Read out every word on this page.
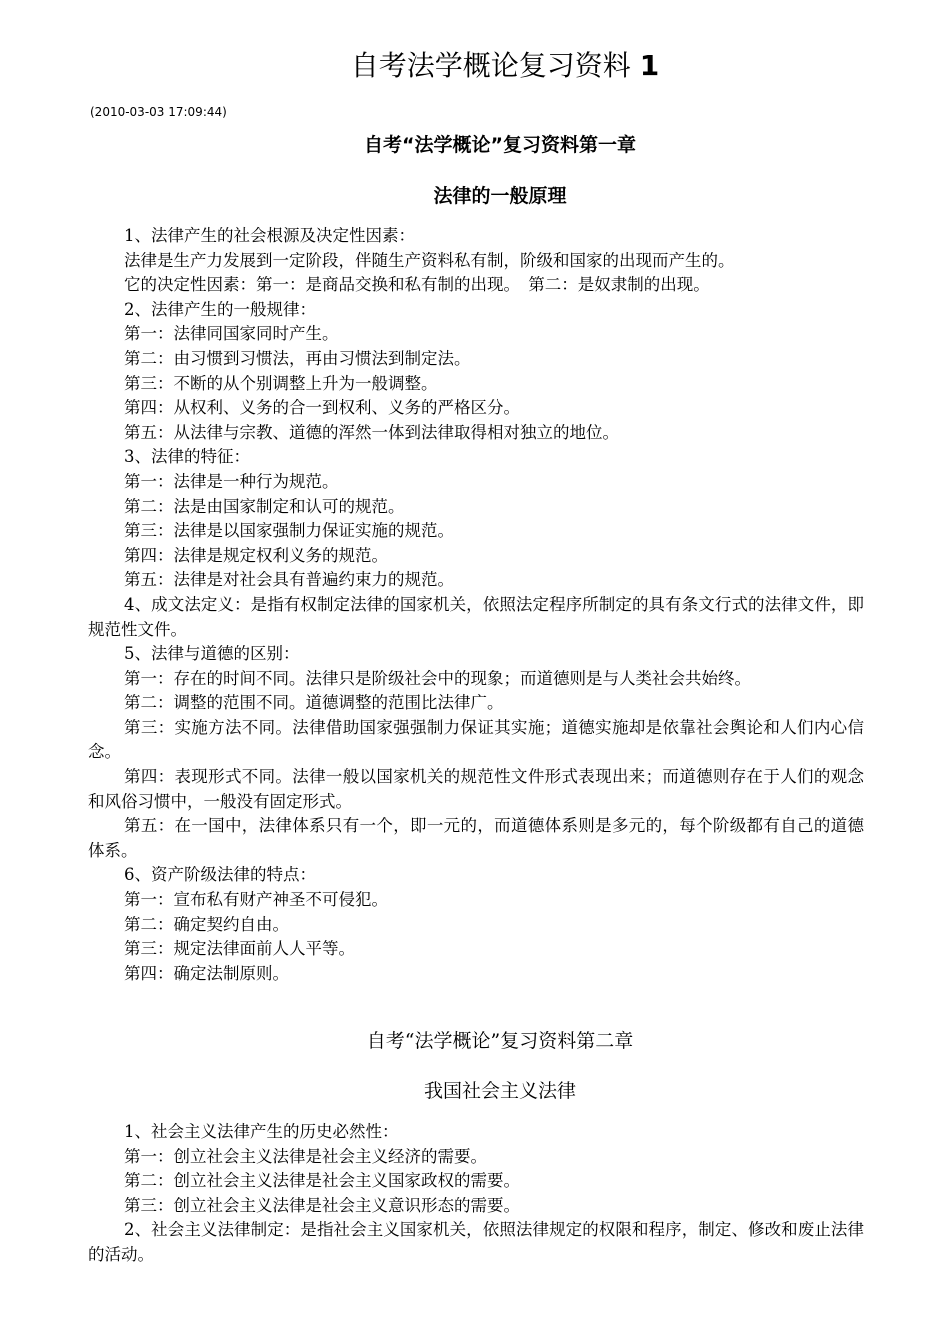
自考法学概论复习资料 1
(2010-03-03 17:09:44)
自考“法学概论”复习资料第一章
法律的一般原理

1、法律产生的社会根源及决定性因素：

法律是生产力发展到一定阶段，伴随生产资料私有制，阶级和国家的出现而产生的。

它的决定性因素：第一：是商品交换和私有制的出现。　第二：是奴隶制的出现。

2、法律产生的一般规律：

第一：法律同国家同时产生。

第二：由习惯到习惯法，再由习惯法到制定法。

第三：不断的从个别调整上升为一般调整。

第四：从权利、义务的合一到权利、义务的严格区分。

第五：从法律与宗教、道德的浑然一体到法律取得相对独立的地位。

3、法律的特征：

第一：法律是一种行为规范。

第二：法是由国家制定和认可的规范。

第三：法律是以国家强制力保证实施的规范。

第四：法律是规定权利义务的规范。

第五：法律是对社会具有普遍约束力的规范。

4、成文法定义：是指有权制定法律的国家机关，依照法定程序所制定的具有条文行式的法律文件，即规范性文件。

5、法律与道德的区别：

第一：存在的时间不同。法律只是阶级社会中的现象；而道德则是与人类社会共始终。

第二：调整的范围不同。道德调整的范围比法律广。

第三：实施方法不同。法律借助国家强强制力保证其实施；道德实施却是依靠社会舆论和人们内心信念。

第四：表现形式不同。法律一般以国家机关的规范性文件形式表现出来；而道德则存在于人们的观念和风俗习惯中，一般没有固定形式。

第五：在一国中，法律体系只有一个，即一元的，而道德体系则是多元的，每个阶级都有自己的道德体系。

6、资产阶级法律的特点：

第一：宣布私有财产神圣不可侵犯。

第二：确定契约自由。

第三：规定法律面前人人平等。

第四：确定法制原则。

自考“法学概论”复习资料第二章
我国社会主义法律

1、社会主义法律产生的历史必然性：

第一：创立社会主义法律是社会主义经济的需要。

第二：创立社会主义法律是社会主义国家政权的需要。

第三：创立社会主义法律是社会主义意识形态的需要。

2、社会主义法律制定：是指社会主义国家机关，依照法律规定的权限和程序，制定、修改和废止法律的活动。
